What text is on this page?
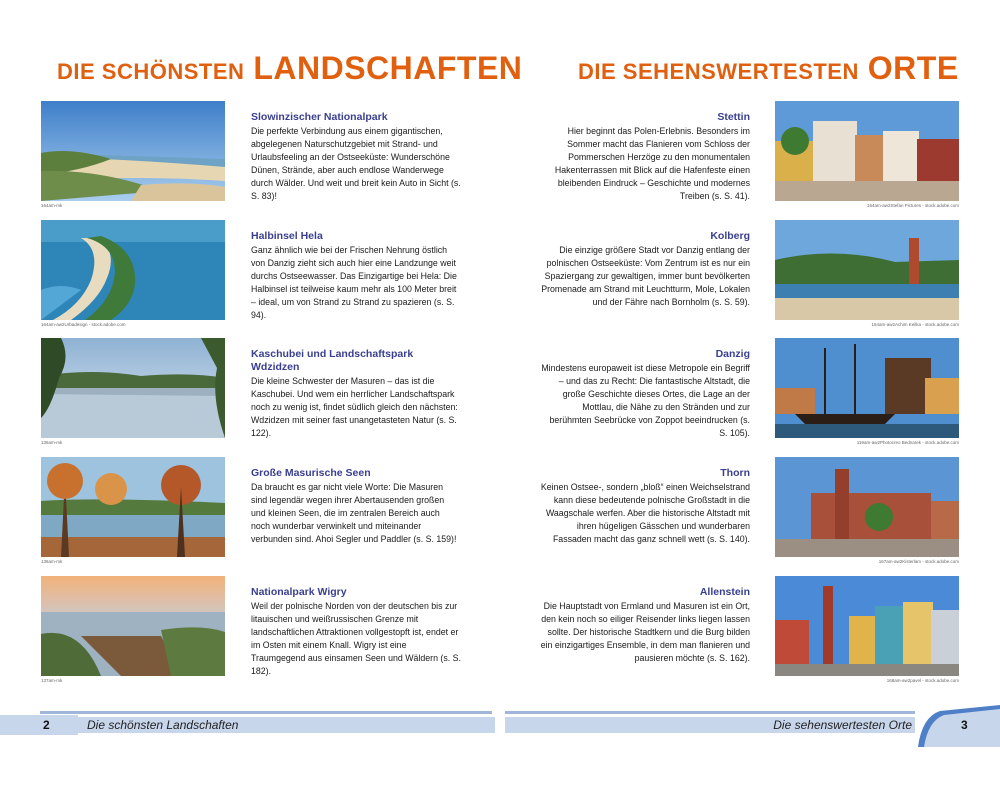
DIE SCHÖNSTEN LANDSCHAFTEN	DIE SEHENSWERTESTEN ORTE
164am-mk
Slowinzischer Nationalpark

Die perfekte Verbindung aus einem gigantischen, abgelegenen Naturschutzgebiet mit Strand- und Urlaubsfeeling an der Ostseeküste: Wunderschöne Dünen, Strände, aber auch endlose Wanderwege durch Wälder. Und weit und breit kein Auto in Sicht (s. S. 83)!

164am-aw2Urbadesign - stock.adobe.com
Halbinsel Hela

Ganz ähnlich wie bei der Frischen Nehrung östlich von Danzig zieht sich auch hier eine Landzunge weit durchs Ostseewasser. Das Einzigartige bei Hela: Die Halbinsel ist teilweise kaum mehr als 100 Meter breit – ideal, um von Strand zu Strand zu spazieren (s. S. 94).

135am-mk
Kaschubei und Landschaftspark Wdzidzen

Die kleine Schwester der Masuren – das ist die Kaschubei. Und wem ein herrlicher Landschaftspark noch zu wenig ist, findet südlich gleich den nächsten: Wdzidzen mit seiner fast unangetasteten Natur (s. S. 122).

136am-mk
Große Masurische Seen

Da braucht es gar nicht viele Worte: Die Masuren sind legendär wegen ihrer Abertausenden großen und kleinen Seen, die im zentralen Bereich auch noch wunderbar verwinkelt und miteinander verbunden sind. Ahoi Segler und Paddler (s. S. 159)!

137am-mk
Nationalpark Wigry

Weil der polnische Norden von der deutschen bis zur litauischen und weißrussischen Grenze mit landschaftlichen Attraktionen vollgestopft ist, endet er im Osten mit einem Knall. Wigry ist eine Traumgegend aus einsamen Seen und Wäldern (s. S. 182).

164am-aw2Stefan Pictures - stock.adobe.com
Stettin

Hier beginnt das Polen-Erlebnis. Besonders im Sommer macht das Flanieren vom Schloss der Pommerschen Herzöge zu den monumentalen Hakenterrassen mit Blick auf die Hafenfeste einen bleibenden Eindruck – Geschichte und modernes Treiben (s. S. 41).

164am-aw2Achim Keilka - stock.adobe.com
Kolberg

Die einzige größere Stadt vor Danzig entlang der polnischen Ostseeküste: Vom Zentrum ist es nur ein Spaziergang zur gewaltigen, immer bunt bevölkerten Promenade am Strand mit Leuchtturm, Mole, Lokalen und der Fähre nach Bornholm (s. S. 59).

119am-aw2Photocreo Bednarek - stock.adobe.com
Danzig

Mindestens europaweit ist diese Metropole ein Begriff – und das zu Recht: Die fantastische Altstadt, die große Geschichte dieses Ortes, die Lage an der Mottlau, die Nähe zu den Stränden und zur berühmten Seebrücke von Zoppot beeindrucken (s. S. 105).

167am-aw2Kisterlam - stock.adobe.com
Thorn

Keinen Ostsee-, sondern „bloß“ einen Weichselstrand kann diese bedeutende polnische Großstadt in die Waagschale werfen. Aber die historische Altstadt mit ihren hügeligen Gässchen und wunderbaren Fassaden macht das ganz schnell wett (s. S. 140).

168am-aw2pavel - stock.adobe.com
Allenstein

Die Hauptstadt von Ermland und Masuren ist ein Ort, den kein noch so eiliger Reisender links liegen lassen sollte. Der historische Stadtkern und die Burg bilden ein einzigartiges Ensemble, in dem man flanieren und pausieren möchte (s. S. 162).

2	Die schönsten Landschaften	Die sehenswertesten Orte	3
